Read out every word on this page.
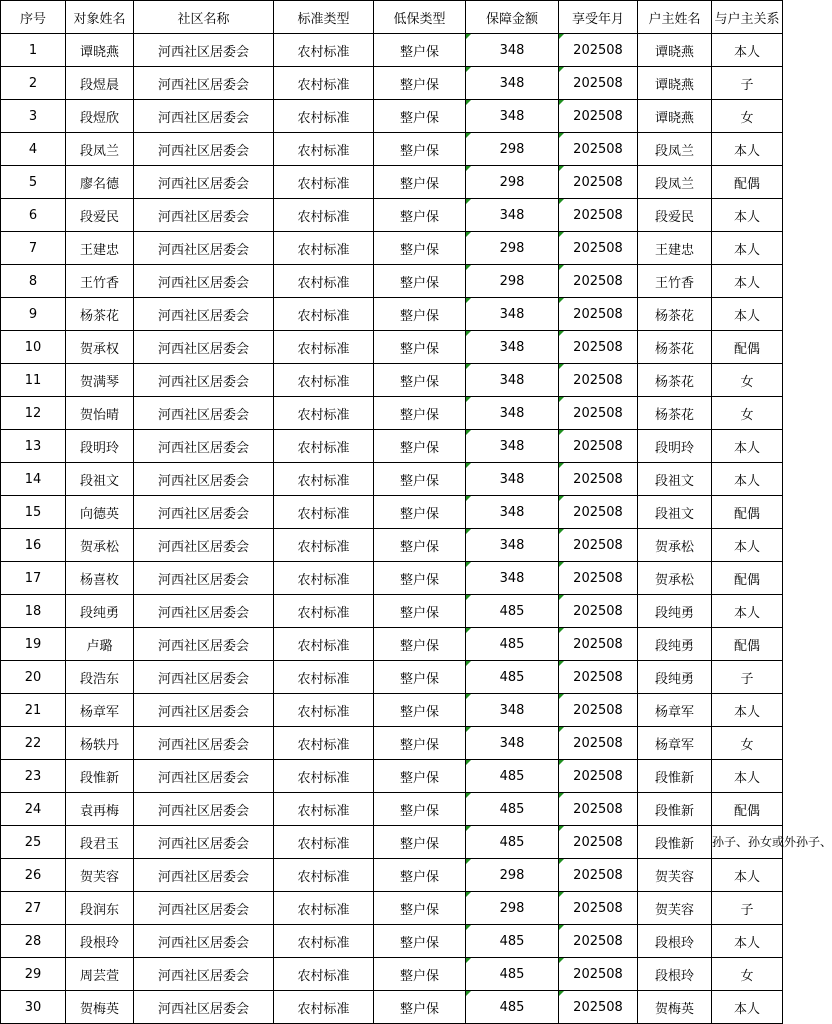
序号	对象姓名	社区名称	标准类型	低保类型	保障金额	享受年月	户主姓名	与户主关系
1	谭晓燕	河西社区居委会	农村标准	整户保	348	202508	谭晓燕	本人
2	段煜晨	河西社区居委会	农村标准	整户保	348	202508	谭晓燕	子
3	段煜欣	河西社区居委会	农村标准	整户保	348	202508	谭晓燕	女
4	段凤兰	河西社区居委会	农村标准	整户保	298	202508	段凤兰	本人
5	廖名德	河西社区居委会	农村标准	整户保	298	202508	段凤兰	配偶
6	段爱民	河西社区居委会	农村标准	整户保	348	202508	段爱民	本人
7	王建忠	河西社区居委会	农村标准	整户保	298	202508	王建忠	本人
8	王竹香	河西社区居委会	农村标准	整户保	298	202508	王竹香	本人
9	杨茶花	河西社区居委会	农村标准	整户保	348	202508	杨茶花	本人
10	贺承权	河西社区居委会	农村标准	整户保	348	202508	杨茶花	配偶
11	贺满琴	河西社区居委会	农村标准	整户保	348	202508	杨茶花	女
12	贺怡晴	河西社区居委会	农村标准	整户保	348	202508	杨茶花	女
13	段明玲	河西社区居委会	农村标准	整户保	348	202508	段明玲	本人
14	段祖文	河西社区居委会	农村标准	整户保	348	202508	段祖文	本人
15	向德英	河西社区居委会	农村标准	整户保	348	202508	段祖文	配偶
16	贺承松	河西社区居委会	农村标准	整户保	348	202508	贺承松	本人
17	杨喜枚	河西社区居委会	农村标准	整户保	348	202508	贺承松	配偶
18	段纯勇	河西社区居委会	农村标准	整户保	485	202508	段纯勇	本人
19	卢璐	河西社区居委会	农村标准	整户保	485	202508	段纯勇	配偶
20	段浩东	河西社区居委会	农村标准	整户保	485	202508	段纯勇	子
21	杨章军	河西社区居委会	农村标准	整户保	348	202508	杨章军	本人
22	杨轶丹	河西社区居委会	农村标准	整户保	348	202508	杨章军	女
23	段惟新	河西社区居委会	农村标准	整户保	485	202508	段惟新	本人
24	袁再梅	河西社区居委会	农村标准	整户保	485	202508	段惟新	配偶
25	段君玉	河西社区居委会	农村标准	整户保	485	202508	段惟新	孙子、孙女或外孙子、
26	贺芙容	河西社区居委会	农村标准	整户保	298	202508	贺芙容	本人
27	段润东	河西社区居委会	农村标准	整户保	298	202508	贺芙容	子
28	段根玲	河西社区居委会	农村标准	整户保	485	202508	段根玲	本人
29	周芸萱	河西社区居委会	农村标准	整户保	485	202508	段根玲	女
30	贺梅英	河西社区居委会	农村标准	整户保	485	202508	贺梅英	本人
